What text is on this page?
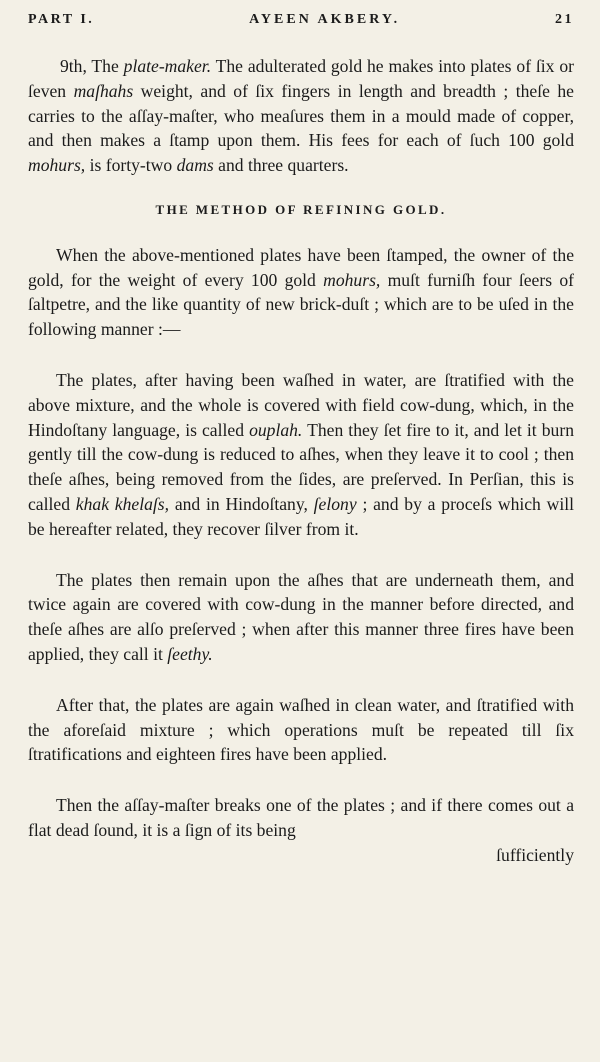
PART I.	AYEEN AKBERY.	21

9th, The plate-maker. The adulterated gold he makes into plates of ſix or ſeven maſhahs weight, and of ſix fingers in length and breadth ; theſe he carries to the aſſay-maſter, who meaſures them in a mould made of copper, and then makes a ſtamp upon them. His fees for each of ſuch 100 gold mohurs, is forty-two dams and three quarters.

THE METHOD OF REFINING GOLD.

When the above-mentioned plates have been ſtamped, the owner of the gold, for the weight of every 100 gold mohurs, muſt furniſh four ſeers of ſaltpetre, and the like quantity of new brick-duſt ; which are to be uſed in the following manner :—

The plates, after having been waſhed in water, are ſtratified with the above mixture, and the whole is covered with field cow-dung, which, in the Hindoſtany language, is called ouplah. Then they ſet fire to it, and let it burn gently till the cow-dung is reduced to aſhes, when they leave it to cool ; then theſe aſhes, being removed from the ſides, are preſerved. In Perſian, this is called khak khelaſs, and in Hindoſtany, ſelony ; and by a proceſs which will be hereafter related, they recover ſilver from it.

The plates then remain upon the aſhes that are underneath them, and twice again are covered with cow-dung in the manner before directed, and theſe aſhes are alſo preſerved ; when after this manner three fires have been applied, they call it ſeethy.

After that, the plates are again waſhed in clean water, and ſtratified with the aforeſaid mixture ; which operations muſt be repeated till ſix ſtratifications and eighteen fires have been applied.

Then the aſſay-maſter breaks one of the plates ; and if there comes out a flat dead ſound, it is a ſign of its being

ſufficiently
